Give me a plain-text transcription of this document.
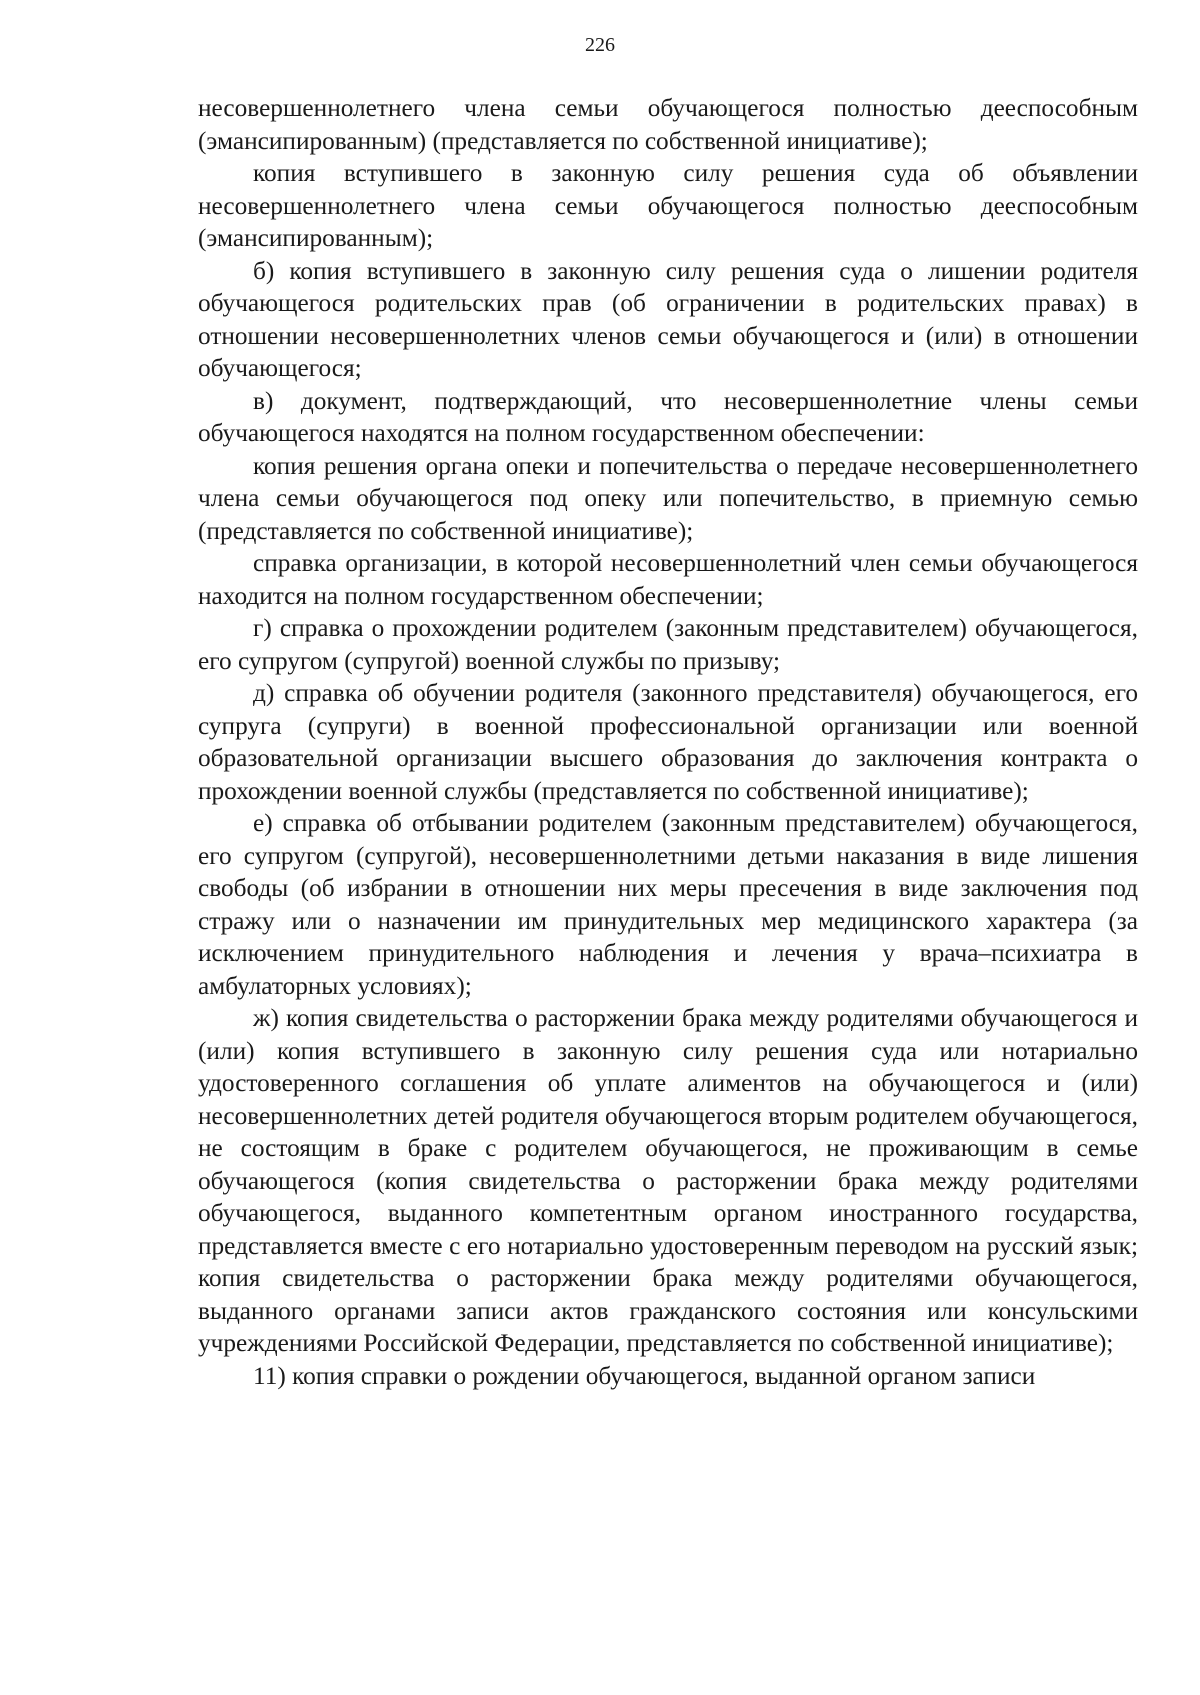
226

несовершеннолетнего члена семьи обучающегося полностью дееспособным (эмансипированным) (представляется по собственной инициативе);

копия вступившего в законную силу решения суда об объявлении несовершеннолетнего члена семьи обучающегося полностью дееспособным (эмансипированным);

б) копия вступившего в законную силу решения суда о лишении родителя обучающегося родительских прав (об ограничении в родительских правах) в отношении несовершеннолетних членов семьи обучающегося и (или) в отношении обучающегося;

в) документ, подтверждающий, что несовершеннолетние члены семьи обучающегося находятся на полном государственном обеспечении:

копия решения органа опеки и попечительства о передаче несовершеннолетнего члена семьи обучающегося под опеку или попечительство, в приемную семью (представляется по собственной инициативе);

справка организации, в которой несовершеннолетний член семьи обучающегося находится на полном государственном обеспечении;

г) справка о прохождении родителем (законным представителем) обучающегося, его супругом (супругой) военной службы по призыву;

д) справка об обучении родителя (законного представителя) обучающегося, его супруга (супруги) в военной профессиональной организации или военной образовательной организации высшего образования до заключения контракта о прохождении военной службы (представляется по собственной инициативе);

е) справка об отбывании родителем (законным представителем) обучающегося, его супругом (супругой), несовершеннолетними детьми наказания в виде лишения свободы (об избрании в отношении них меры пресечения в виде заключения под стражу или о назначении им принудительных мер медицинского характера (за исключением принудительного наблюдения и лечения у врача–психиатра в амбулаторных условиях);

ж) копия свидетельства о расторжении брака между родителями обучающегося и (или) копия вступившего в законную силу решения суда или нотариально удостоверенного соглашения об уплате алиментов на обучающегося и (или) несовершеннолетних детей родителя обучающегося вторым родителем обучающегося, не состоящим в браке с родителем обучающегося, не проживающим в семье обучающегося (копия свидетельства о расторжении брака между родителями обучающегося, выданного компетентным органом иностранного государства, представляется вместе с его нотариально удостоверенным переводом на русский язык; копия свидетельства о расторжении брака между родителями обучающегося, выданного органами записи актов гражданского состояния или консульскими учреждениями Российской Федерации, представляется по собственной инициативе);

11) копия справки о рождении обучающегося, выданной органом записи
